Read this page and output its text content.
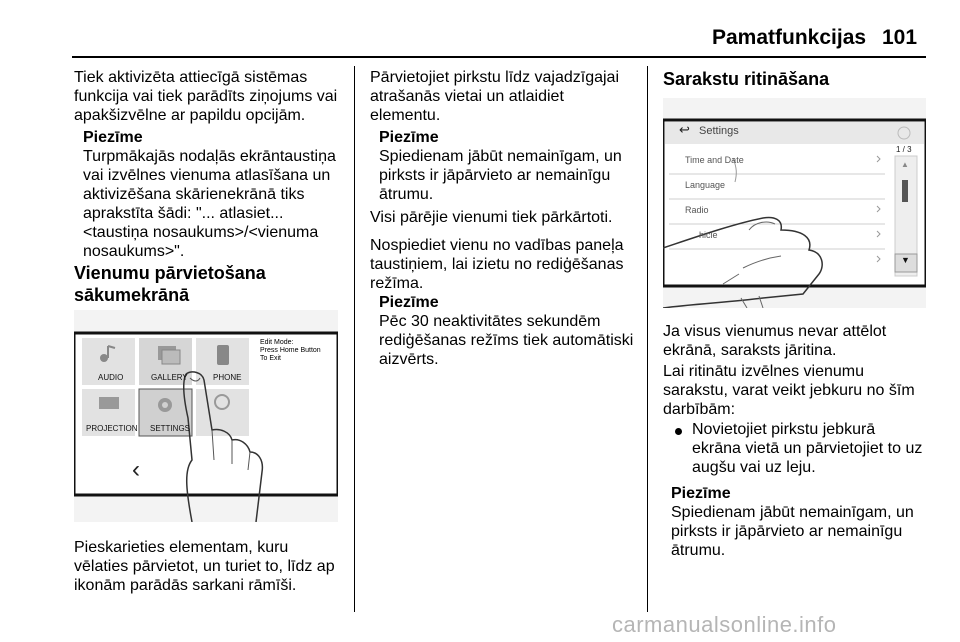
Pamatfunkcijas 101
Tiek aktivizēta attiecīgā sistēmas
funkcija vai tiek parādīts ziņojums vai
apakšizvēlne ar papildu opcijām.
Piezīme
Turpmākajās nodaļās ekrāntaustiņa
vai izvēlnes vienuma atlasīšana un
aktivizēšana skārienekrānā tiks
aprakstīta šādi: "... atlasiet...
<taustiņa nosaukums>/<vienuma
nosaukums>".
Vienumu pārvietošana
sākumekrānā
AUDIO	GALLERY	PHONE
PROJECTION SETTINGS
Edit Mode:
Press Home Button
To Exit
‹
Pieskarieties elementam, kuru
vēlaties pārvietot, un turiet to, līdz ap
ikonām parādās sarkani rāmīši.
Pārvietojiet pirkstu līdz vajadzīgajai
atrašanās vietai un atlaidiet
elementu.
Piezīme
Spiedienam jābūt nemainīgam, un
pirksts ir jāpārvieto ar nemainīgu
ātrumu.
Visi pārējie vienumi tiek pārkārtoti.
Nospiediet vienu no vadības paneļa
taustiņiem, lai izietu no rediģēšanas
režīma.
Piezīme
Pēc 30 neaktivitātes sekundēm
rediģēšanas režīms tiek automātiski
aizvērts.
Sarakstu ritināšana
↩ Settings
Time and Date
Language
Radio
hicle
1 / 3
▲
▼
Ja visus vienumus nevar attēlot
ekrānā, saraksts jāritina.
Lai ritinātu izvēlnes vienumu
sarakstu, varat veikt jebkuru no šīm
darbībām:
Novietojiet pirkstu jebkurā
ekrāna vietā un pārvietojiet to uz
augšu vai uz leju.
Piezīme
Spiedienam jābūt nemainīgam, un
pirksts ir jāpārvieto ar nemainīgu
ātrumu.
carmanualsonline.info
